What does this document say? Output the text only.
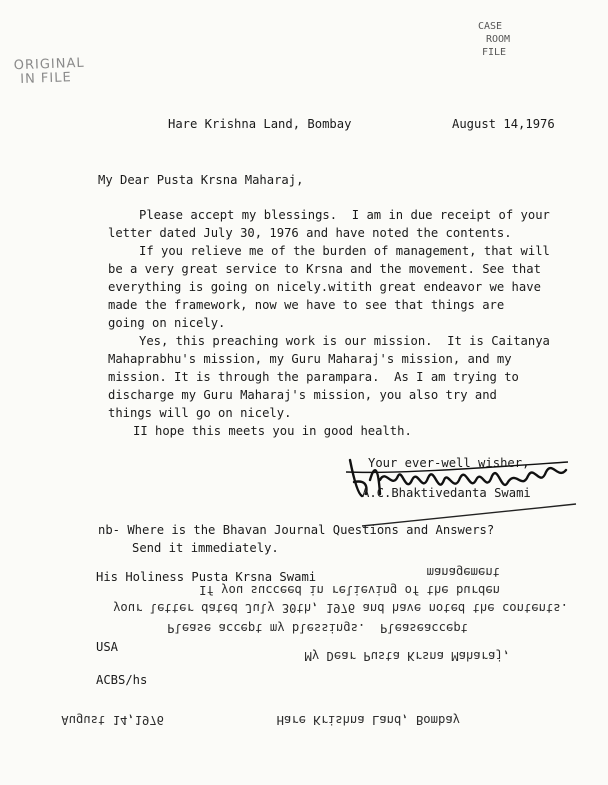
ORIGINAL
IN FILE
CASE
ROOM
FILE
Hare Krishna Land, Bombay	August 14,1976
My Dear Pusta Krsna Maharaj,
Please accept my blessings.  I am in due receipt of your
letter dated July 30, 1976 and have noted the contents.
If you relieve me of the burden of management, that will
be a very great service to Krsna and the movement. See that
everything is going on nicely.witith great endeavor we have
made the framework, now we have to see that things are
going on nicely.
Yes, this preaching work is our mission.  It is Caitanya
Mahaprabhu's mission, my Guru Maharaj's mission, and my
mission. It is through the parampara.  As I am trying to
discharge my Guru Maharaj's mission, you also try and
things will go on nicely.
II hope this meets you in good health.
Your ever-well wisher,
A.C.Bhaktivedanta Swami
nb- Where is the Bhavan Journal Questions and Answers?
Send it immediately.
His Holiness Pusta Krsna Swami
USA
ACBS/hs
Hare Krishna Land, Bombay
August 14,1976
My Dear Pusta Krsna Maharaj,
Please accept my blessings.  Pleaseaccept
your letter dated July 30th, 1976 and have noted the contents.
If you succeed in relieving of the burden
management
